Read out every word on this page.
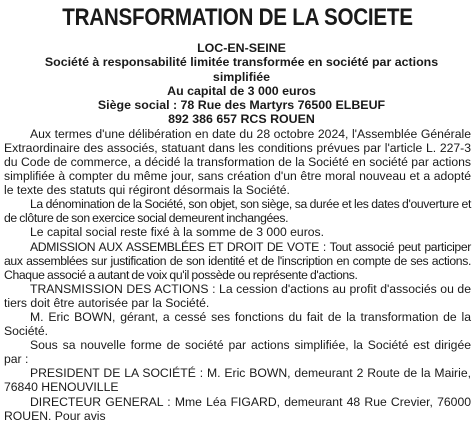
TRANSFORMATION DE LA SOCIETE
LOC-EN-SEINE
Société à responsabilité limitée transformée en société par actions
simplifiée
Au capital de 3 000 euros
Siège social : 78 Rue des Martyrs 76500 ELBEUF
892 386 657 RCS ROUEN

Aux termes d'une délibération en date du 28 octobre 2024, l'Assemblée Générale Extraordinaire des associés, statuant dans les conditions prévues par l'article L. 227-3 du Code de commerce, a décidé la transformation de la Société en société par actions simplifiée à compter du même jour, sans création d'un être moral nouveau et a adopté le texte des statuts qui régiront désormais la Société.

La dénomination de la Société, son objet, son siège, sa durée et les dates d'ouverture et de clôture de son exercice social demeurent inchangées.

Le capital social reste fixé à la somme de 3 000 euros.

ADMISSION AUX ASSEMBLÉES ET DROIT DE VOTE : Tout associé peut participer aux assemblées sur justification de son identité et de l'inscription en compte de ses actions. Chaque associé a autant de voix qu'il possède ou représente d'actions.

TRANSMISSION DES ACTIONS : La cession d'actions au profit d'associés ou de tiers doit être autorisée par la Société.

M. Eric BOWN, gérant, a cessé ses fonctions du fait de la transformation de la Société.

Sous sa nouvelle forme de société par actions simplifiée, la Société est dirigée par :

PRESIDENT DE LA SOCIÉTÉ : M. Eric BOWN, demeurant 2 Route de la Mairie, 76840 HENOUVILLE

DIRECTEUR GENERAL : Mme Léa FIGARD, demeurant 48 Rue Crevier, 76000 ROUEN. Pour avis
